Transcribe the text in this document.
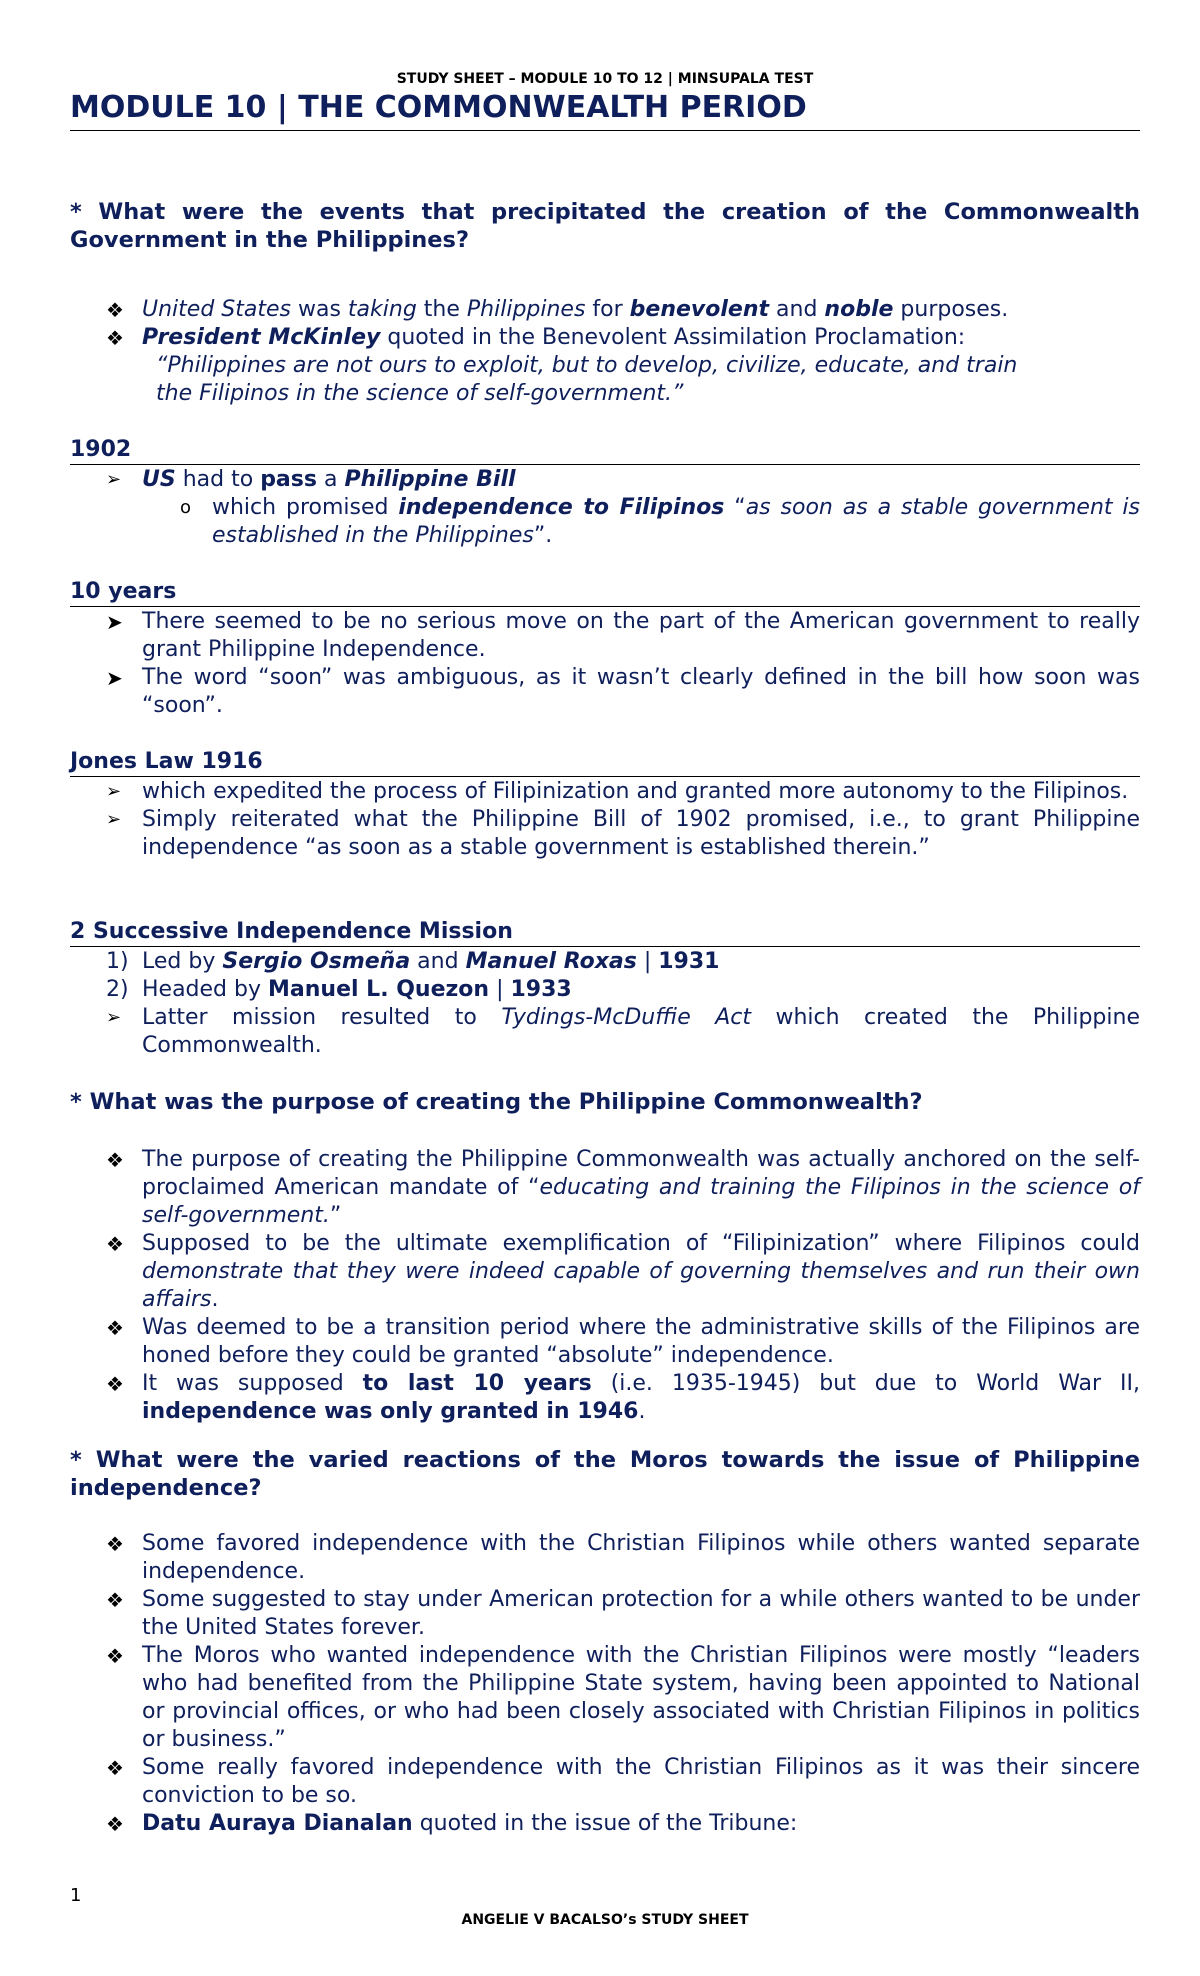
STUDY SHEET – MODULE 10 TO 12 | MINSUPALA TEST
MODULE 10 | THE COMMONWEALTH PERIOD
* What were the events that precipitated the creation of the Commonwealth Government in the Philippines?
❖ United States was taking the Philippines for benevolent and noble purposes.
❖ President McKinley quoted in the Benevolent Assimilation Proclamation:
“Philippines are not ours to exploit, but to develop, civilize, educate, and train the Filipinos in the science of self-government.”
1902
➢ US had to pass a Philippine Bill
o which promised independence to Filipinos “as soon as a stable government is established in the Philippines”.
10 years
➤ There seemed to be no serious move on the part of the American government to really grant Philippine Independence.
➤ The word “soon” was ambiguous, as it wasn’t clearly defined in the bill how soon was “soon”.
Jones Law 1916
➢ which expedited the process of Filipinization and granted more autonomy to the Filipinos.
➢ Simply reiterated what the Philippine Bill of 1902 promised, i.e., to grant Philippine independence “as soon as a stable government is established therein.”
2 Successive Independence Mission
1) Led by Sergio Osmeña and Manuel Roxas | 1931
2) Headed by Manuel L. Quezon | 1933
➢ Latter mission resulted to Tydings-McDuffie Act which created the Philippine Commonwealth.
* What was the purpose of creating the Philippine Commonwealth?
❖ The purpose of creating the Philippine Commonwealth was actually anchored on the self-proclaimed American mandate of “educating and training the Filipinos in the science of self-government.”
❖ Supposed to be the ultimate exemplification of “Filipinization” where Filipinos could demonstrate that they were indeed capable of governing themselves and run their own affairs.
❖ Was deemed to be a transition period where the administrative skills of the Filipinos are honed before they could be granted “absolute” independence.
❖ It was supposed to last 10 years (i.e. 1935-1945) but due to World War II, independence was only granted in 1946.
* What were the varied reactions of the Moros towards the issue of Philippine independence?
❖ Some favored independence with the Christian Filipinos while others wanted separate independence.
❖ Some suggested to stay under American protection for a while others wanted to be under the United States forever.
❖ The Moros who wanted independence with the Christian Filipinos were mostly “leaders who had benefited from the Philippine State system, having been appointed to National or provincial offices, or who had been closely associated with Christian Filipinos in politics or business.”
❖ Some really favored independence with the Christian Filipinos as it was their sincere conviction to be so.
❖ Datu Auraya Dianalan quoted in the issue of the Tribune:
1
ANGELIE V BACALSO’s STUDY SHEET
